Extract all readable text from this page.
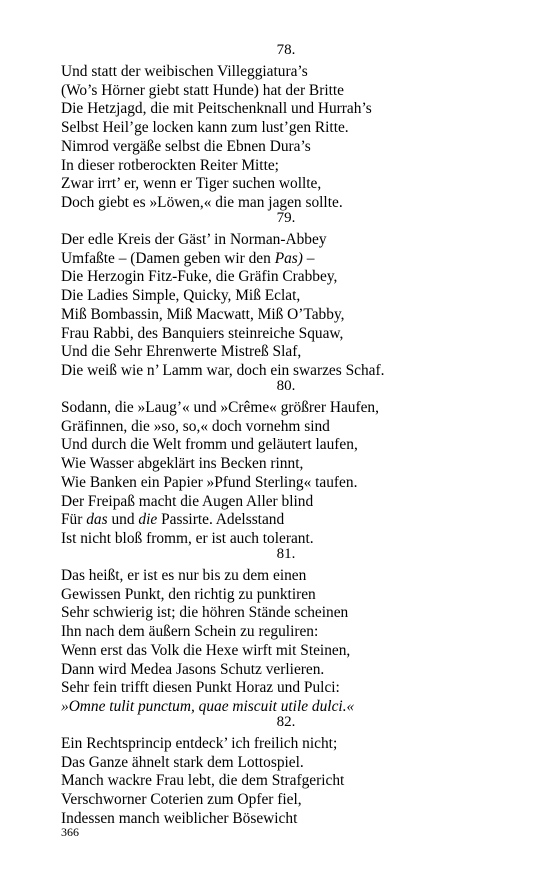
78.
Und statt der weibischen Villeggiatura’s
(Wo’s Hörner giebt statt Hunde) hat der Britte
Die Hetzjagd, die mit Peitschenknall und Hurrah’s
Selbst Heil’ge locken kann zum lust’gen Ritte.
Nimrod vergäße selbst die Ebnen Dura’s
In dieser rotberockten Reiter Mitte;
Zwar irrt’ er, wenn er Tiger suchen wollte,
Doch giebt es »Löwen,« die man jagen sollte.
79.
Der edle Kreis der Gäst’ in Norman-Abbey
Umfaßte – (Damen geben wir den Pas) –
Die Herzogin Fitz-Fuke, die Gräfin Crabbey,
Die Ladies Simple, Quicky, Miß Eclat,
Miß Bombassin, Miß Macwatt, Miß O’Tabby,
Frau Rabbi, des Banquiers steinreiche Squaw,
Und die Sehr Ehrenwerte Mistreß Slaf,
Die weiß wie n’ Lamm war, doch ein swarzes Schaf.
80.
Sodann, die »Laug’« und »Crême« größrer Haufen,
Gräfinnen, die »so, so,« doch vornehm sind
Und durch die Welt fromm und geläutert laufen,
Wie Wasser abgeklärt ins Becken rinnt,
Wie Banken ein Papier »Pfund Sterling« taufen.
Der Freipaß macht die Augen Aller blind
Für das und die Passirte. Adelsstand
Ist nicht bloß fromm, er ist auch tolerant.
81.
Das heißt, er ist es nur bis zu dem einen
Gewissen Punkt, den richtig zu punktiren
Sehr schwierig ist; die höhren Stände scheinen
Ihn nach dem äußern Schein zu reguliren:
Wenn erst das Volk die Hexe wirft mit Steinen,
Dann wird Medea Jasons Schutz verlieren.
Sehr fein trifft diesen Punkt Horaz und Pulci:
»Omne tulit punctum, quae miscuit utile dulci.«
82.
Ein Rechtsprincip entdeck’ ich freilich nicht;
Das Ganze ähnelt stark dem Lottospiel.
Manch wackre Frau lebt, die dem Strafgericht
Verschworner Coterien zum Opfer fiel,
Indessen manch weiblicher Bösewicht
366
